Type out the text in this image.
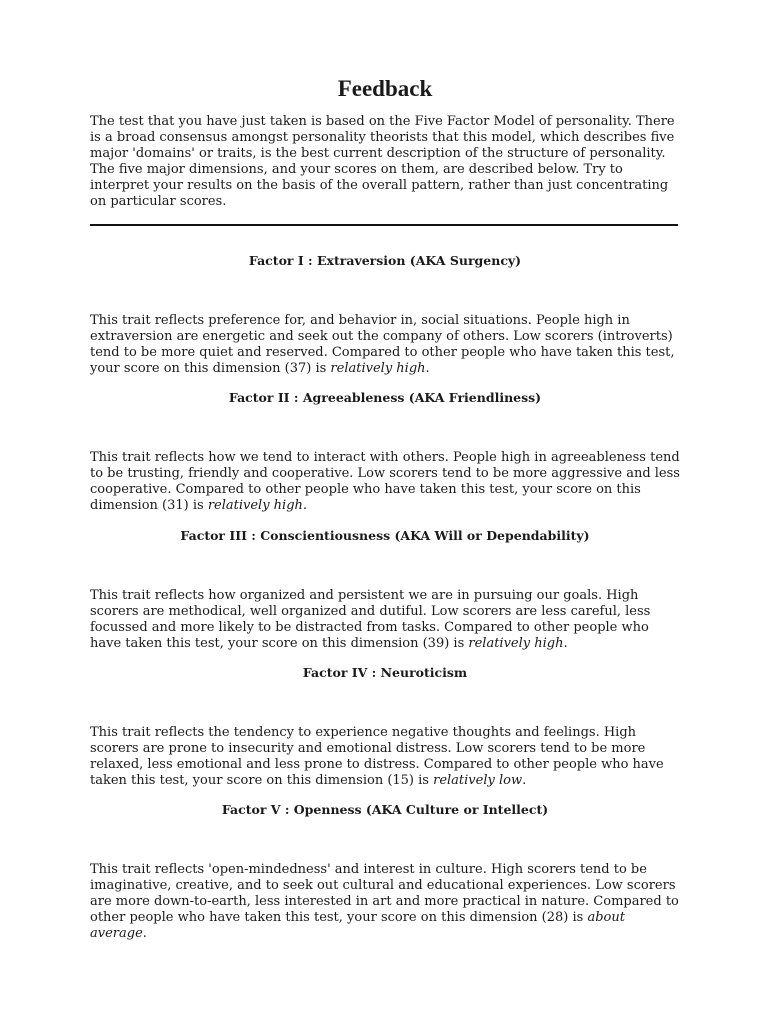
Feedback

The test that you have just taken is based on the Five Factor Model of personality. There is a broad consensus amongst personality theorists that this model, which describes five major 'domains' or traits, is the best current description of the structure of personality. The five major dimensions, and your scores on them, are described below. Try to interpret your results on the basis of the overall pattern, rather than just concentrating on particular scores.

Factor I : Extraversion (AKA Surgency)

This trait reflects preference for, and behavior in, social situations. People high in extraversion are energetic and seek out the company of others. Low scorers (introverts) tend to be more quiet and reserved. Compared to other people who have taken this test, your score on this dimension (37) is relatively high.

Factor II : Agreeableness (AKA Friendliness)

This trait reflects how we tend to interact with others. People high in agreeableness tend to be trusting, friendly and cooperative. Low scorers tend to be more aggressive and less cooperative. Compared to other people who have taken this test, your score on this dimension (31) is relatively high.

Factor III : Conscientiousness (AKA Will or Dependability)

This trait reflects how organized and persistent we are in pursuing our goals. High scorers are methodical, well organized and dutiful. Low scorers are less careful, less focussed and more likely to be distracted from tasks. Compared to other people who have taken this test, your score on this dimension (39) is relatively high.

Factor IV : Neuroticism

This trait reflects the tendency to experience negative thoughts and feelings. High scorers are prone to insecurity and emotional distress. Low scorers tend to be more relaxed, less emotional and less prone to distress. Compared to other people who have taken this test, your score on this dimension (15) is relatively low.

Factor V : Openness (AKA Culture or Intellect)

This trait reflects 'open-mindedness' and interest in culture. High scorers tend to be imaginative, creative, and to seek out cultural and educational experiences. Low scorers are more down-to-earth, less interested in art and more practical in nature. Compared to other people who have taken this test, your score on this dimension (28) is about average.
